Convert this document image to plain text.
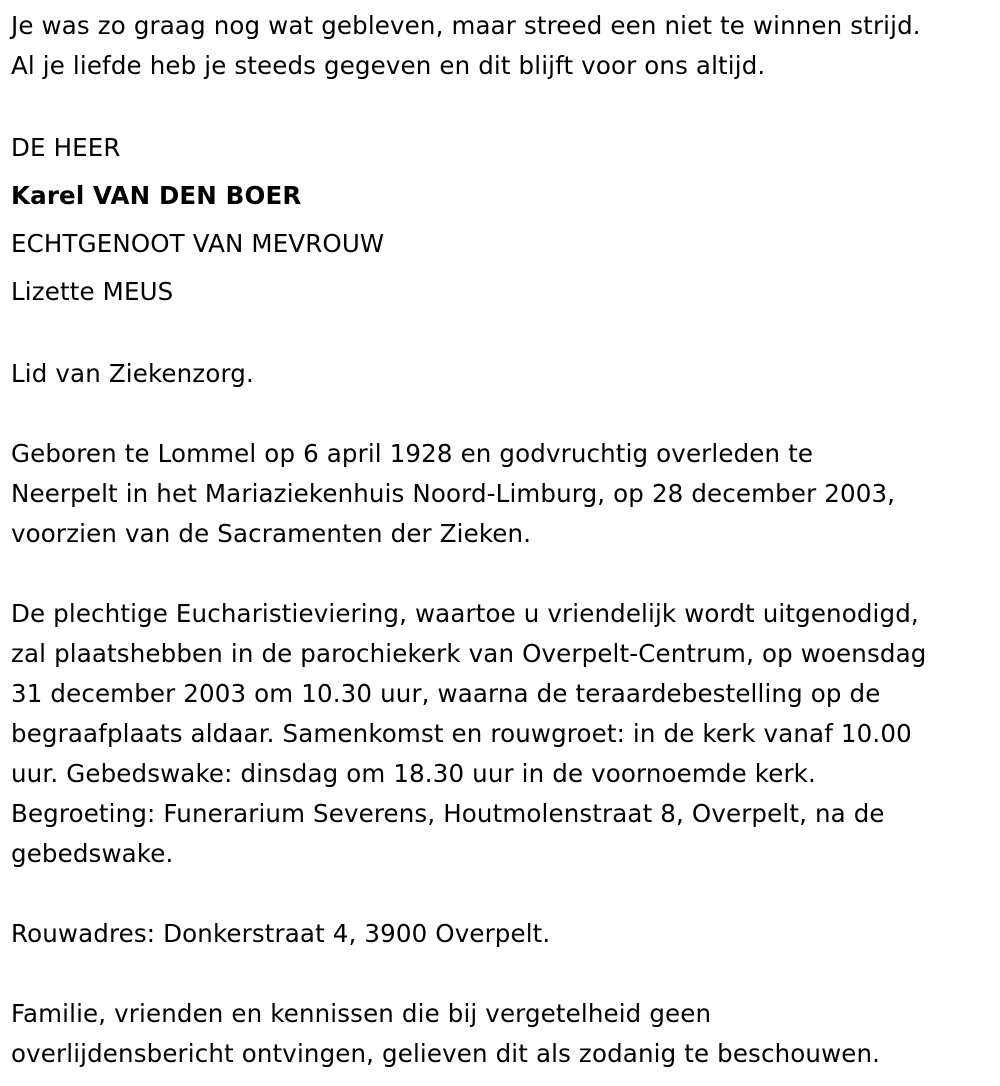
Je was zo graag nog wat gebleven, maar streed een niet te winnen strijd.
Al je liefde heb je steeds gegeven en dit blijft voor ons altijd.
DE HEER
Karel VAN DEN BOER
ECHTGENOOT VAN MEVROUW
Lizette MEUS
Lid van Ziekenzorg.
Geboren te Lommel op 6 april 1928 en godvruchtig overleden te
Neerpelt in het Mariaziekenhuis Noord-Limburg, op 28 december 2003,
voorzien van de Sacramenten der Zieken.
De plechtige Eucharistieviering, waartoe u vriendelijk wordt uitgenodigd,
zal plaatshebben in de parochiekerk van Overpelt-Centrum, op woensdag
31 december 2003 om 10.30 uur, waarna de teraardebestelling op de
begraafplaats aldaar. Samenkomst en rouwgroet: in de kerk vanaf 10.00
uur. Gebedswake: dinsdag om 18.30 uur in de voornoemde kerk.
Begroeting: Funerarium Severens, Houtmolenstraat 8, Overpelt, na de
gebedswake.
Rouwadres: Donkerstraat 4, 3900 Overpelt.
Familie, vrienden en kennissen die bij vergetelheid geen
overlijdensbericht ontvingen, gelieven dit als zodanig te beschouwen.
